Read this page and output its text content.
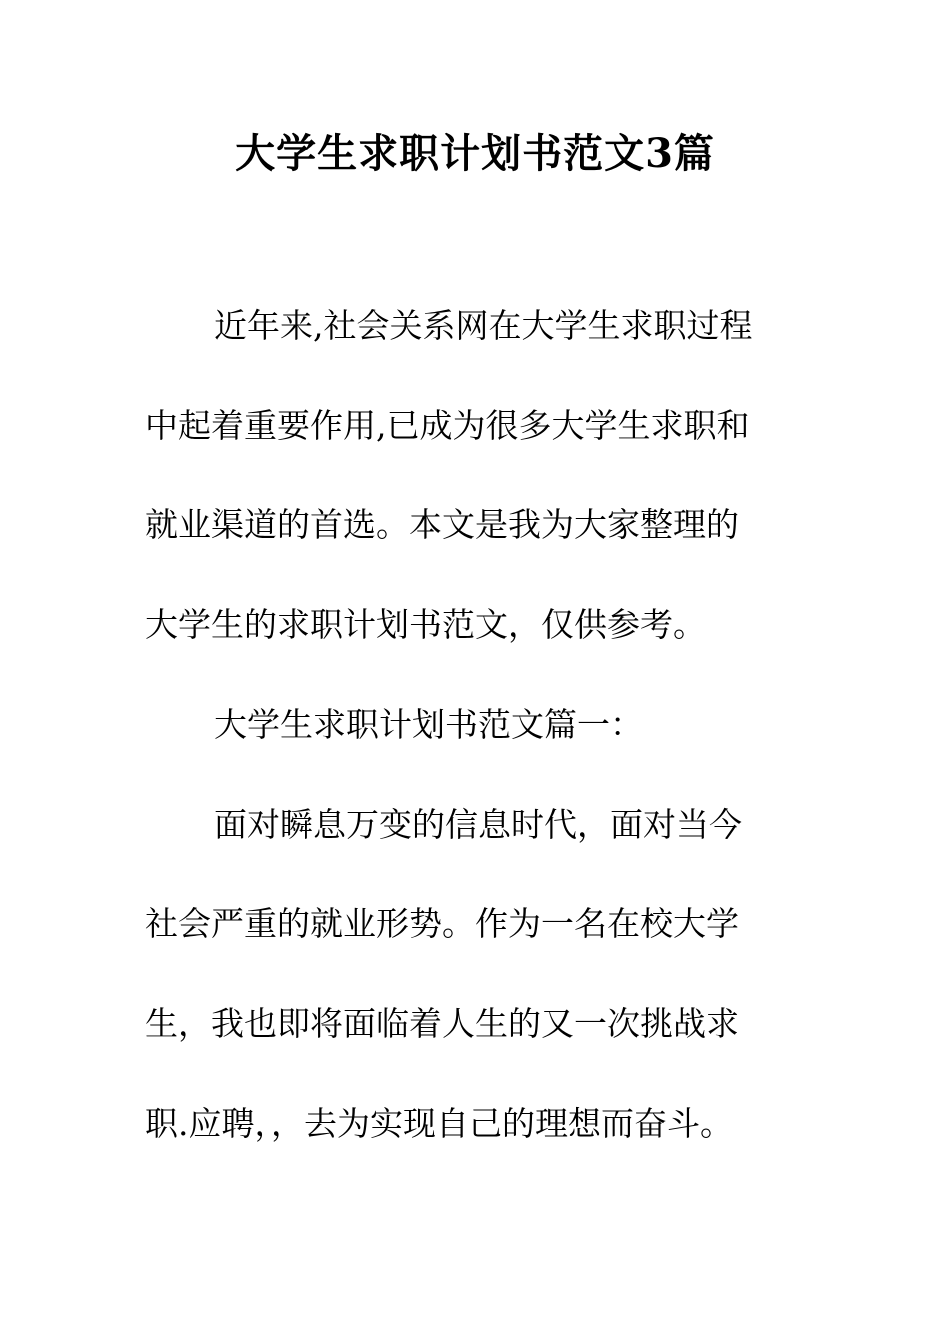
大学生求职计划书范文3篇

近年来,社会关系网在大学生求职过程

中起着重要作用,已成为很多大学生求职和

就业渠道的首选。本文是我为大家整理的

大学生的求职计划书范文，仅供参考。

大学生求职计划书范文篇一：

面对瞬息万变的信息时代，面对当今

社会严重的就业形势。作为一名在校大学

生，我也即将面临着人生的又一次挑战求

职.应聘，，去为实现自己的理想而奋斗。
